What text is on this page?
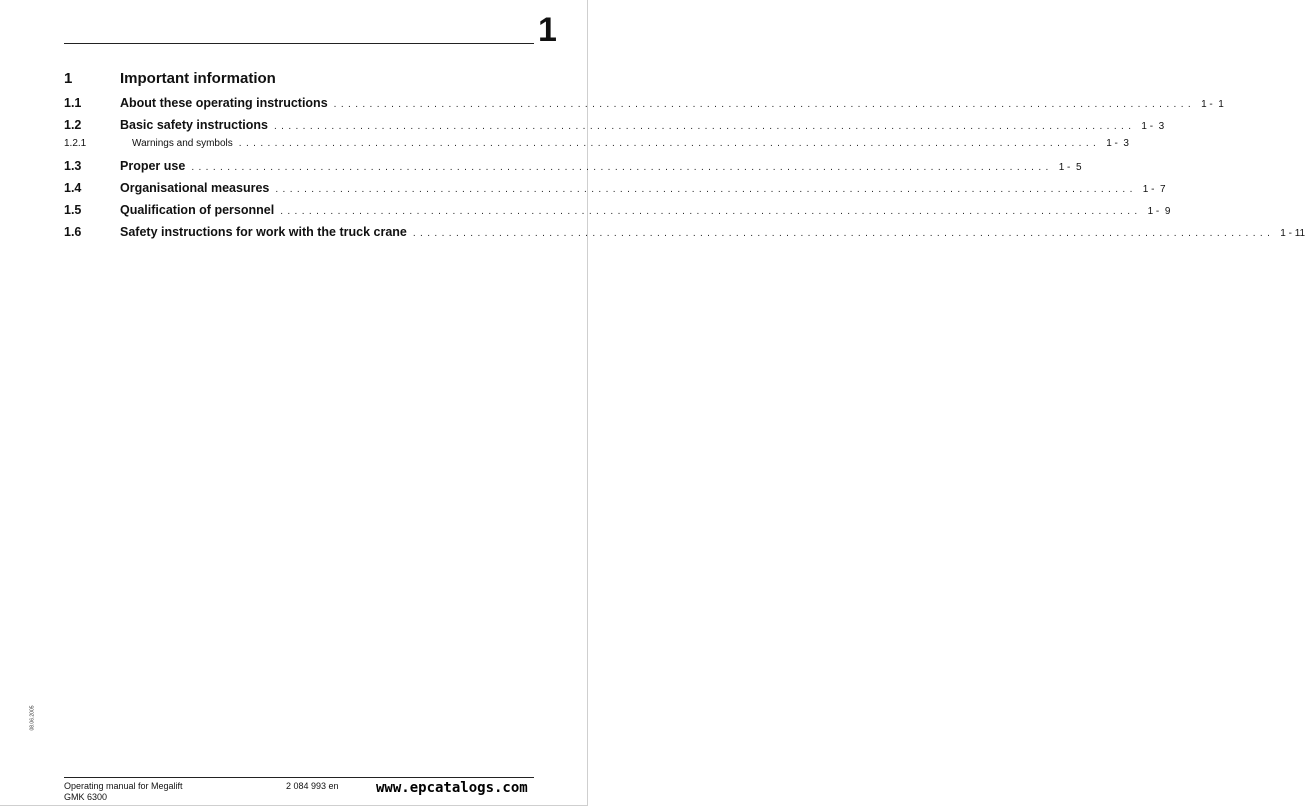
1
1	Important information
1.1	About these operating instructions ........................................................................................................................ 1 -  1
1.2	Basic safety instructions ........................................................................................................................ 1 -  3
1.2.1	Warnings and symbols ........................................................................................................................ 1 -  3
1.3	Proper use ........................................................................................................................ 1 -  5
1.4	Organisational measures ........................................................................................................................ 1 -  7
1.5	Qualification of personnel ........................................................................................................................ 1 -  9
1.6	Safety instructions for work with the truck crane ........................................................................................................................ 1 - 11
08.06.2005
Operating manual for Megalift
GMK 6300
2 084 993 en	www.epcatalogs.com
